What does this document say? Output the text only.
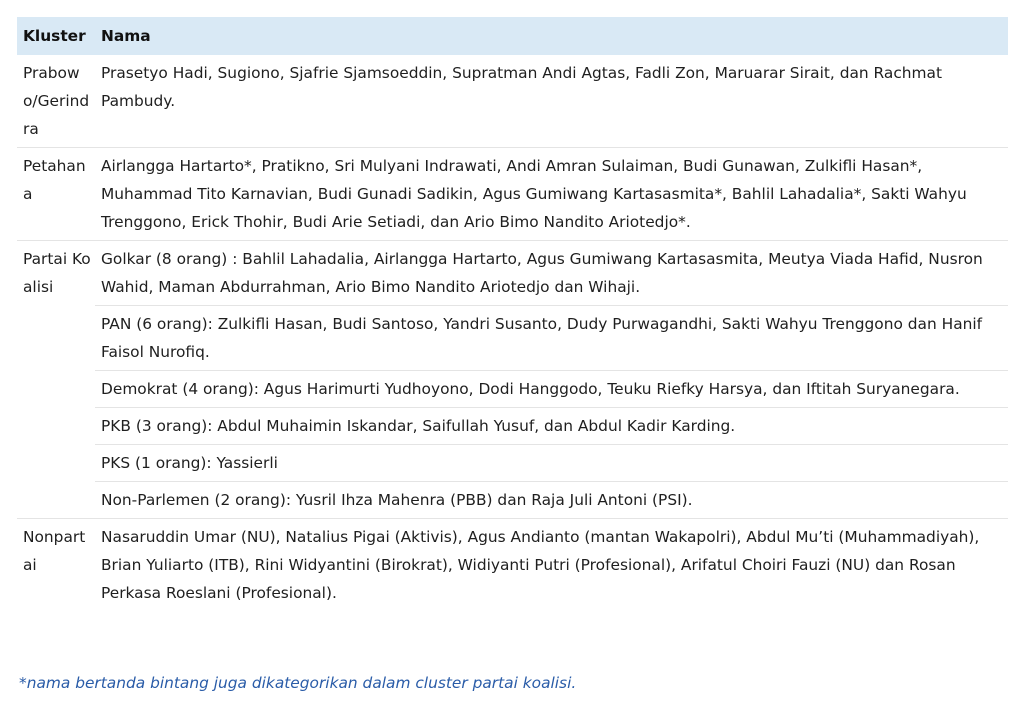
Kluster	Nama
Prabowo/Gerindra	Prasetyo Hadi, Sugiono, Sjafrie Sjamsoeddin, Supratman Andi Agtas, Fadli Zon, Maruarar Sirait, dan Rachmat Pambudy.
Petahana	Airlangga Hartarto*, Pratikno, Sri Mulyani Indrawati, Andi Amran Sulaiman, Budi Gunawan, Zulkifli Hasan*, Muhammad Tito Karnavian, Budi Gunadi Sadikin, Agus Gumiwang Kartasasmita*, Bahlil Lahadalia*, Sakti Wahyu Trenggono, Erick Thohir, Budi Arie Setiadi, dan Ario Bimo Nandito Ariotedjo*.
Partai Koalisi	Golkar (8 orang) : Bahlil Lahadalia, Airlangga Hartarto, Agus Gumiwang Kartasasmita, Meutya Viada Hafid, Nusron Wahid, Maman Abdurrahman, Ario Bimo Nandito Ariotedjo dan Wihaji.
	PAN (6 orang): Zulkifli Hasan, Budi Santoso, Yandri Susanto, Dudy Purwagandhi, Sakti Wahyu Trenggono dan Hanif Faisol Nurofiq.
	Demokrat (4 orang): Agus Harimurti Yudhoyono, Dodi Hanggodo, Teuku Riefky Harsya, dan Iftitah Suryanegara.
	PKB (3 orang): Abdul Muhaimin Iskandar, Saifullah Yusuf, dan Abdul Kadir Karding.
	PKS (1 orang): Yassierli
	Non-Parlemen (2 orang): Yusril Ihza Mahenra (PBB) dan Raja Juli Antoni (PSI).
Nonpartai	Nasaruddin Umar (NU), Natalius Pigai (Aktivis), Agus Andianto (mantan Wakapolri), Abdul Mu’ti (Muhammadiyah), Brian Yuliarto (ITB), Rini Widyantini (Birokrat), Widiyanti Putri (Profesional), Arifatul Choiri Fauzi (NU) dan Rosan Perkasa Roeslani (Profesional).
*nama bertanda bintang juga dikategorikan dalam cluster partai koalisi.
